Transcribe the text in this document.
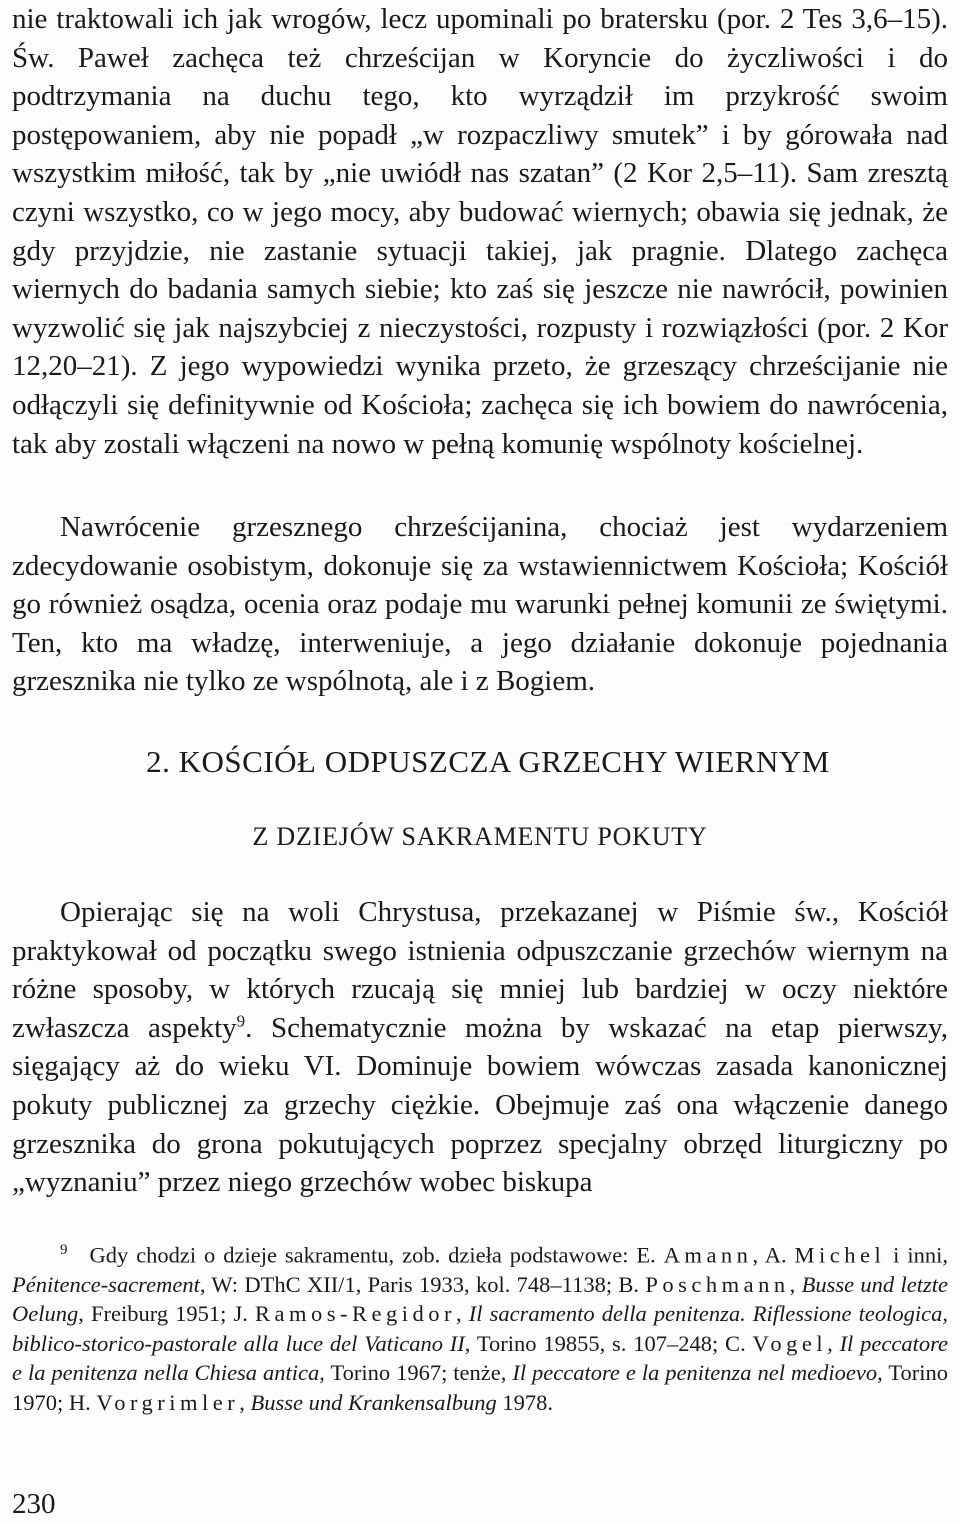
nie traktowali ich jak wrogów, lecz upominali po bratersku (por. 2 Tes 3,6–15). Św. Paweł zachęca też chrześcijan w Koryncie do życzliwości i do podtrzymania na duchu tego, kto wyrządził im przykrość swoim postępowaniem, aby nie popadł „w rozpaczliwy smutek” i by górowała nad wszystkim miłość, tak by „nie uwiódł nas szatan” (2 Kor 2,5–11). Sam zresztą czyni wszystko, co w jego mocy, aby budować wiernych; obawia się jednak, że gdy przyjdzie, nie zastanie sytuacji takiej, jak pragnie. Dlatego zachęca wiernych do badania samych siebie; kto zaś się jeszcze nie nawrócił, powinien wyzwolić się jak najszybciej z nieczystości, rozpusty i rozwiązłości (por. 2 Kor 12,20–21). Z jego wypowiedzi wynika przeto, że grzeszący chrześcijanie nie odłączyli się definitywnie od Kościoła; zachęca się ich bowiem do nawrócenia, tak aby zostali włączeni na nowo w pełną komunię wspólnoty kościelnej.

Nawrócenie grzesznego chrześcijanina, chociaż jest wydarzeniem zdecydowanie osobistym, dokonuje się za wstawiennictwem Kościoła; Kościół go również osądza, ocenia oraz podaje mu warunki pełnej komunii ze świętymi. Ten, kto ma władzę, interweniuje, a jego działanie dokonuje pojednania grzesznika nie tylko ze wspólnotą, ale i z Bogiem.

2. KOŚCIÓŁ ODPUSZCZA GRZECHY WIERNYM
Z DZIEJÓW SAKRAMENTU POKUTY

Opierając się na woli Chrystusa, przekazanej w Piśmie św., Kościół praktykował od początku swego istnienia odpuszczanie grzechów wiernym na różne sposoby, w których rzucają się mniej lub bardziej w oczy niektóre zwłaszcza aspekty$^9$. Schematycznie można by wskazać na etap pierwszy, sięgający aż do wieku VI. Dominuje bowiem wówczas zasada kanonicznej pokuty publicznej za grzechy ciężkie. Obejmuje zaś ona włączenie danego grzesznika do grona pokutujących poprzez specjalny obrzęd liturgiczny po „wyznaniu” przez niego grzechów wobec biskupa

$^9$ Gdy chodzi o dzieje sakramentu, zob. dzieła podstawowe: E. Amann, A. Michel i inni, Pénitence-sacrement, W: DThC XII/1, Paris 1933, kol. 748–1138; B. Poschmann, Busse und letzte Oelung, Freiburg 1951; J. Ramos-Regidor, Il sacramento della penitenza. Riflessione teologica, biblico-storico-pastorale alla luce del Vaticano II, Torino 19855, s. 107–248; C. Vogel, Il peccatore e la penitenza nella Chiesa antica, Torino 1967; tenże, Il peccatore e la penitenza nel medioevo, Torino 1970; H. Vorgrimler, Busse und Krankensalbung 1978.

230
